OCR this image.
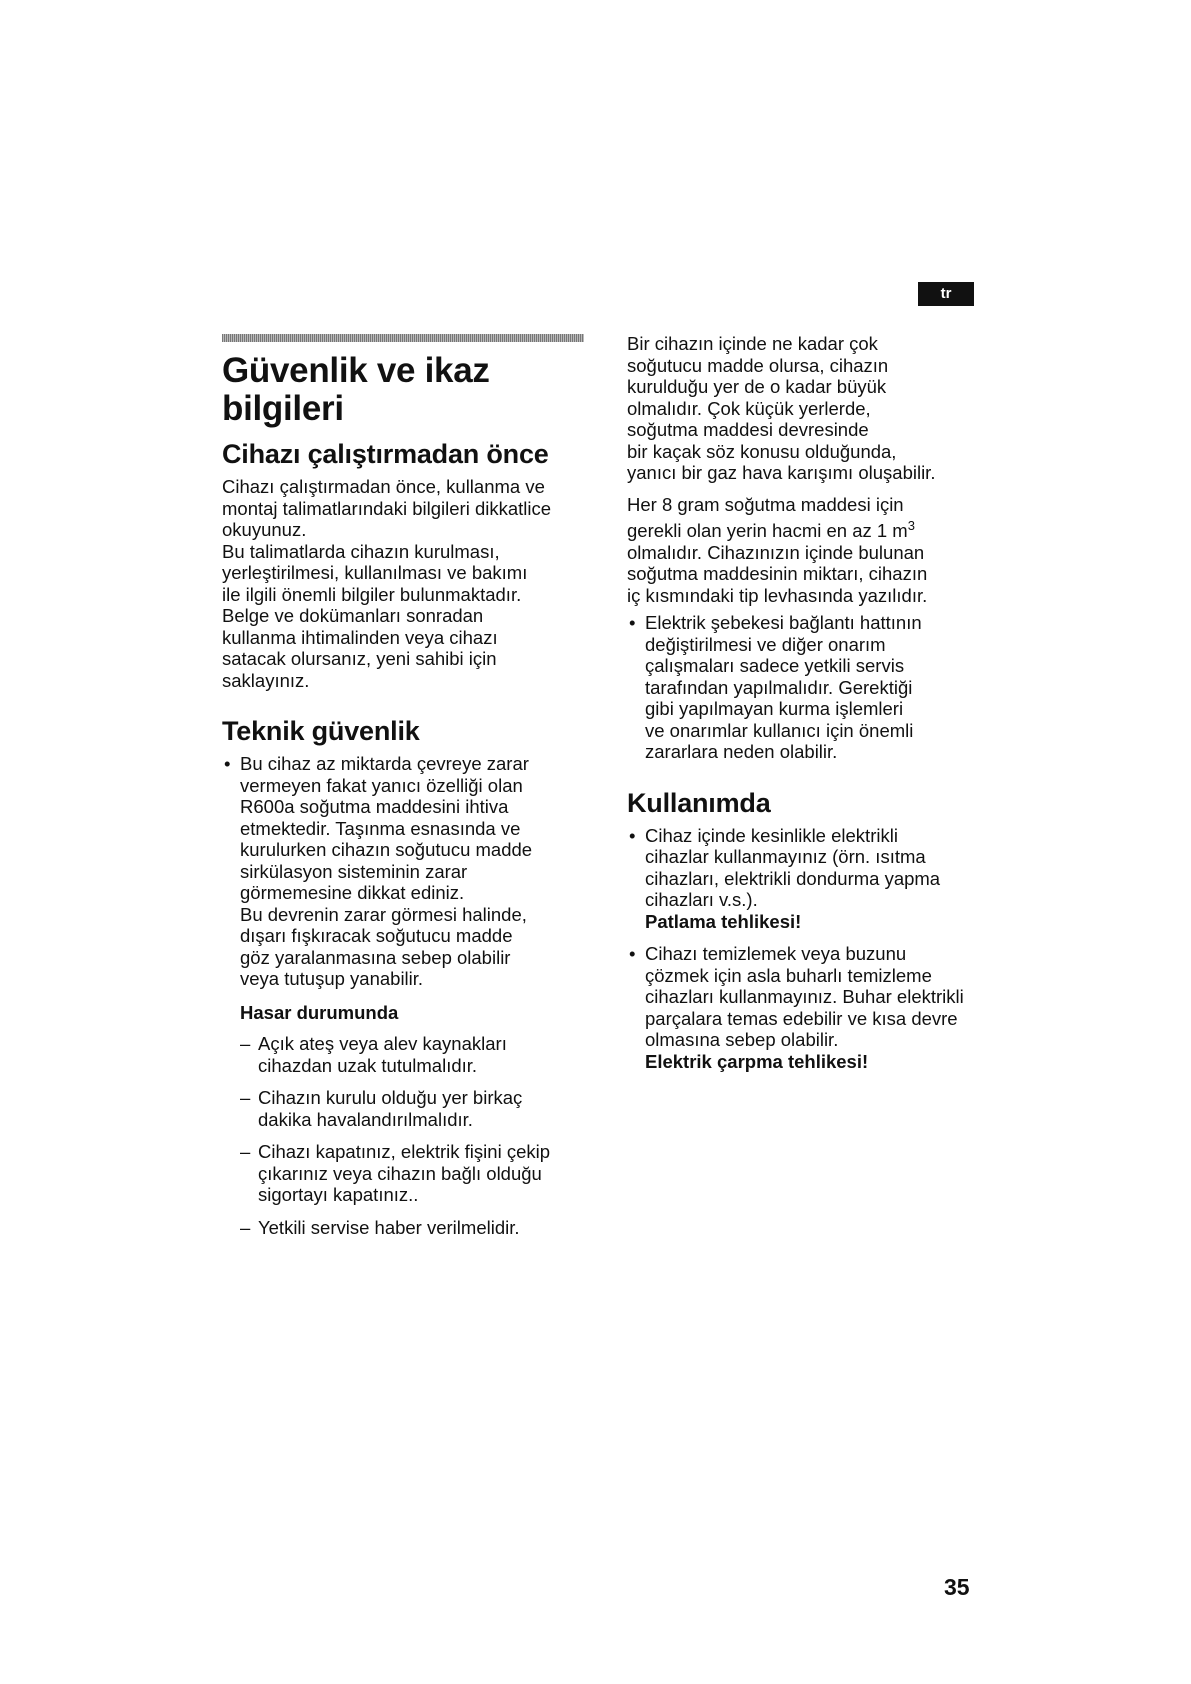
tr
Güvenlik ve ikaz
bilgileri
Cihazı çalıştırmadan önce

Cihazı çalıştırmadan önce, kullanma ve
montaj talimatlarındaki bilgileri dikkatlice
okuyunuz.
Bu talimatlarda cihazın kurulması,
yerleştirilmesi, kullanılması ve bakımı
ile ilgili önemli bilgiler bulunmaktadır.
Belge ve dokümanları sonradan
kullanma ihtimalinden veya cihazı
satacak olursanız, yeni sahibi için
saklayınız.

Teknik güvenlik
• Bu cihaz az miktarda çevreye zarar
vermeyen fakat yanıcı özelliği olan
R600a soğutma maddesini ihtiva
etmektedir. Taşınma esnasında ve
kurulurken cihazın soğutucu madde
sirkülasyon sisteminin zarar
görmemesine dikkat ediniz.
Bu devrenin zarar görmesi halinde,
dışarı fışkıracak soğutucu madde
göz yaralanmasına sebep olabilir
veya tutuşup yanabilir.
Hasar durumunda
– Açık ateş veya alev kaynakları
cihazdan uzak tutulmalıdır.
– Cihazın kurulu olduğu yer birkaç
dakika havalandırılmalıdır.
– Cihazı kapatınız, elektrik fişini çekip
çıkarınız veya cihazın bağlı olduğu
sigortayı kapatınız..
– Yetkili servise haber verilmelidir.

Bir cihazın içinde ne kadar çok
soğutucu madde olursa, cihazın
kurulduğu yer de o kadar büyük
olmalıdır. Çok küçük yerlerde,
soğutma maddesi devresinde
bir kaçak söz konusu olduğunda,
yanıcı bir gaz hava karışımı oluşabilir.

Her 8 gram soğutma maddesi için
gerekli olan yerin hacmi en az 1 $m^3$
olmalıdır. Cihazınızın içinde bulunan
soğutma maddesinin miktarı, cihazın
iç kısmındaki tip levhasında yazılıdır.

• Elektrik şebekesi bağlantı hattının
değiştirilmesi ve diğer onarım
çalışmaları sadece yetkili servis
tarafından yapılmalıdır. Gerektiği
gibi yapılmayan kurma işlemleri
ve onarımlar kullanıcı için önemli
zararlara neden olabilir.
Kullanımda
• Cihaz içinde kesinlikle elektrikli
cihazlar kullanmayınız (örn. ısıtma
cihazları, elektrikli dondurma yapma
cihazları v.s.).
Patlama tehlikesi!
• Cihazı temizlemek veya buzunu
çözmek için asla buharlı temizleme
cihazları kullanmayınız. Buhar elektrikli
parçalara temas edebilir ve kısa devre
olmasına sebep olabilir.
Elektrik çarpma tehlikesi!
35
